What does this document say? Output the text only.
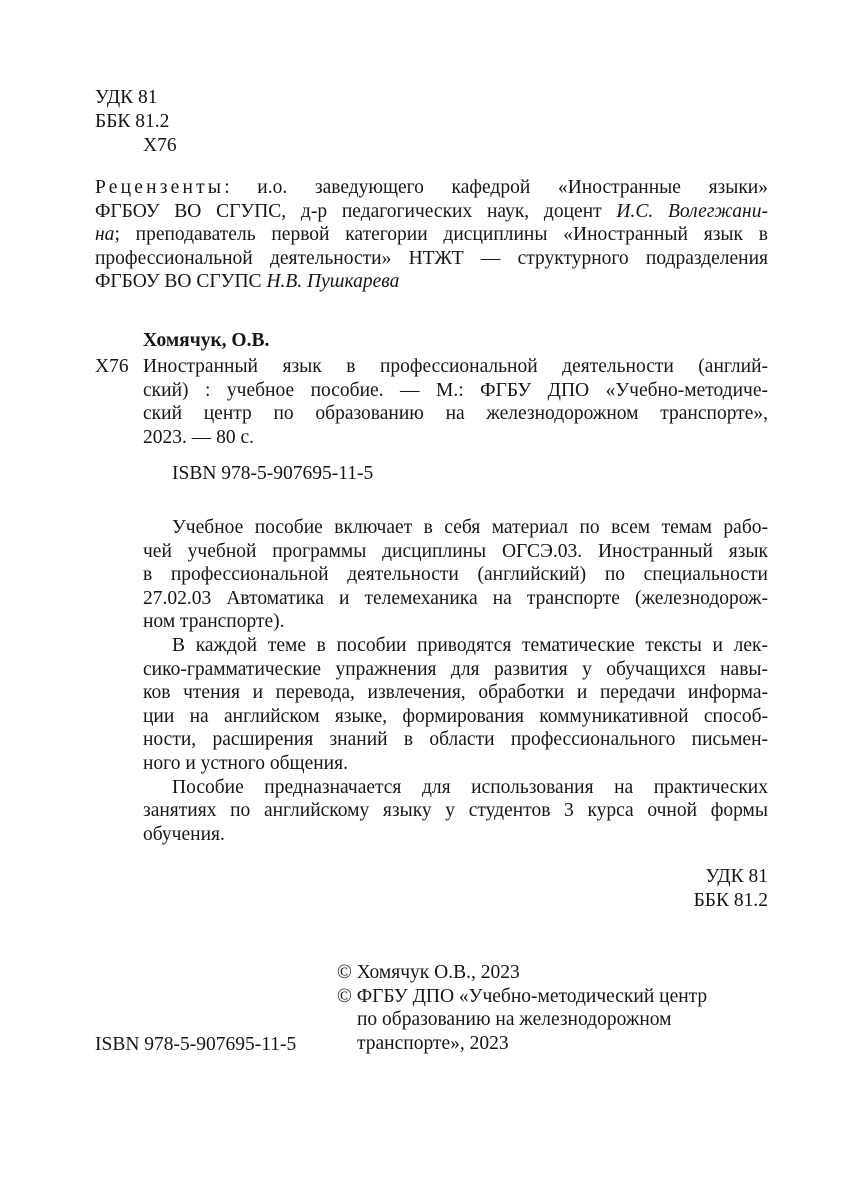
УДК 81
ББК 81.2
Х76
Рецензенты: и.о. заведующего кафедрой «Иностранные языки»
ФГБОУ ВО СГУПС, д-р педагогических наук, доцент И.С. Волегжани-
на; преподаватель первой категории дисциплины «Иностранный язык в
профессиональной деятельности» НТЖТ — структурного подразделения
ФГБОУ ВО СГУПС Н.В. Пушкарева
Хомячук, О.В.
Х76 Иностранный язык в профессиональной деятельности (англий-
ский) : учебное пособие. — М.: ФГБУ ДПО «Учебно-методиче-
ский центр по образованию на железнодорожном транспорте»,
2023. — 80 с.
ISBN 978-5-907695-11-5
Учебное пособие включает в себя материал по всем темам рабо-
чей учебной программы дисциплины ОГСЭ.03. Иностранный язык
в профессиональной деятельности (английский) по специальности
27.02.03 Автоматика и телемеханика на транспорте (железнодорож-
ном транспорте).
В каждой теме в пособии приводятся тематические тексты и лек-
сико-грамматические упражнения для развития у обучащихся навы-
ков чтения и перевода, извлечения, обработки и передачи информа-
ции на английском языке, формирования коммуникативной способ-
ности, расширения знаний в области профессионального письмен-
ного и устного общения.
Пособие предназначается для использования на практических
занятиях по английскому языку у студентов 3 курса очной формы
обучения.
УДК 81
ББК 81.2
© Хомячук О.В., 2023
© ФГБУ ДПО «Учебно-методический центр
по образованию на железнодорожном
транспорте», 2023
ISBN 978-5-907695-11-5
